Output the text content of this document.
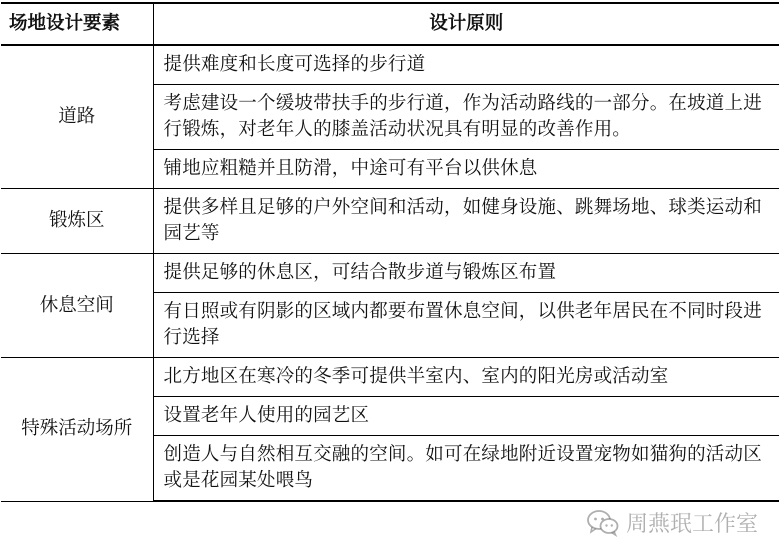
场地设计要素	设计原则
道路	提供难度和长度可选择的步行道
	考虑建设一个缓坡带扶手的步行道，作为活动路线的一部分。在坡道上进行锻炼，对老年人的膝盖活动状况具有明显的改善作用。
	铺地应粗糙并且防滑，中途可有平台以供休息
锻炼区	提供多样且足够的户外空间和活动，如健身设施、跳舞场地、球类运动和园艺等
休息空间	提供足够的休息区，可结合散步道与锻炼区布置
	有日照或有阴影的区域内都要布置休息空间，以供老年居民在不同时段进行选择
特殊活动场所	北方地区在寒冷的冬季可提供半室内、室内的阳光房或活动室
	设置老年人使用的园艺区
	创造人与自然相互交融的空间。如可在绿地附近设置宠物如猫狗的活动区或是花园某处喂鸟
周燕珉工作室
